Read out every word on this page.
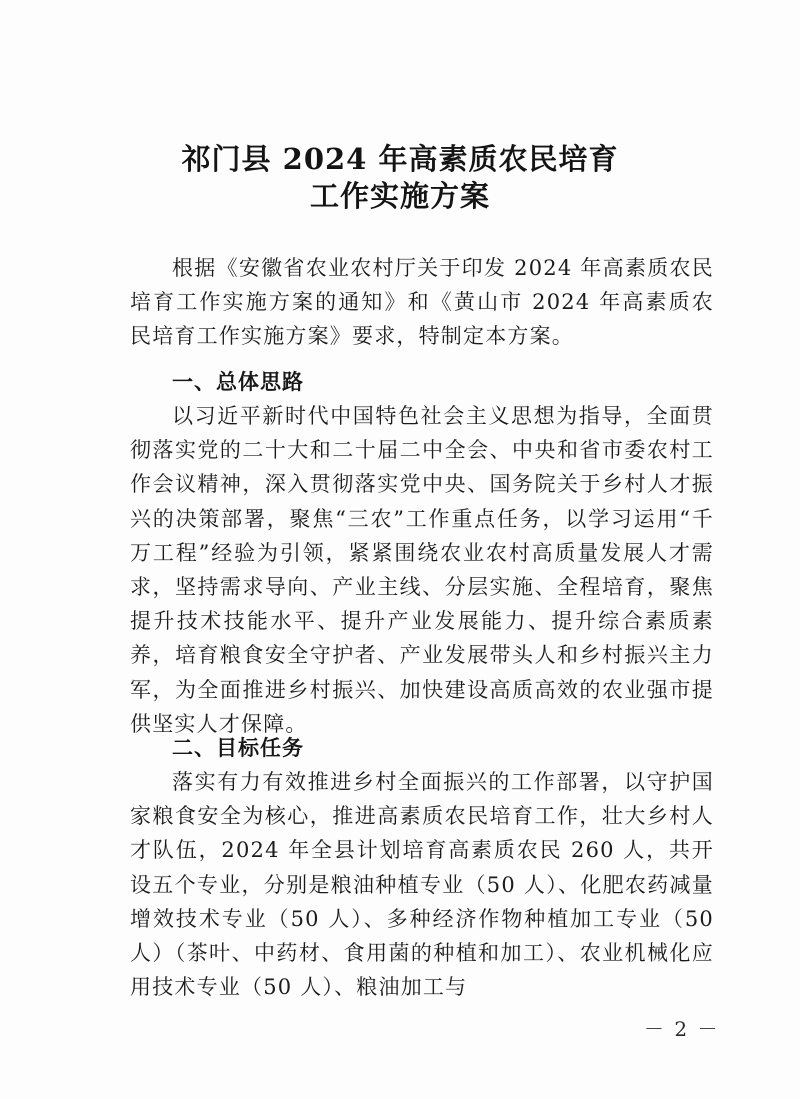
祁门县 2024 年高素质农民培育
工作实施方案
根据《安徽省农业农村厅关于印发 2024 年高素质农民培育工作实施方案的通知》和《黄山市 2024 年高素质农民培育工作实施方案》要求，特制定本方案。
一、总体思路
以习近平新时代中国特色社会主义思想为指导，全面贯彻落实党的二十大和二十届二中全会、中央和省市委农村工作会议精神，深入贯彻落实党中央、国务院关于乡村人才振兴的决策部署，聚焦“三农”工作重点任务，以学习运用“千万工程”经验为引领，紧紧围绕农业农村高质量发展人才需求，坚持需求导向、产业主线、分层实施、全程培育，聚焦提升技术技能水平、提升产业发展能力、提升综合素质素养，培育粮食安全守护者、产业发展带头人和乡村振兴主力军，为全面推进乡村振兴、加快建设高质高效的农业强市提供坚实人才保障。
二、目标任务
落实有力有效推进乡村全面振兴的工作部署，以守护国家粮食安全为核心，推进高素质农民培育工作，壮大乡村人才队伍，2024 年全县计划培育高素质农民 260 人，共开设五个专业，分别是粮油种植专业（50 人）、化肥农药减量增效技术专业（50 人）、多种经济作物种植加工专业（50 人）（茶叶、中药材、食用菌的种植和加工）、农业机械化应用技术专业（50 人）、粮油加工与
－ 2 －
